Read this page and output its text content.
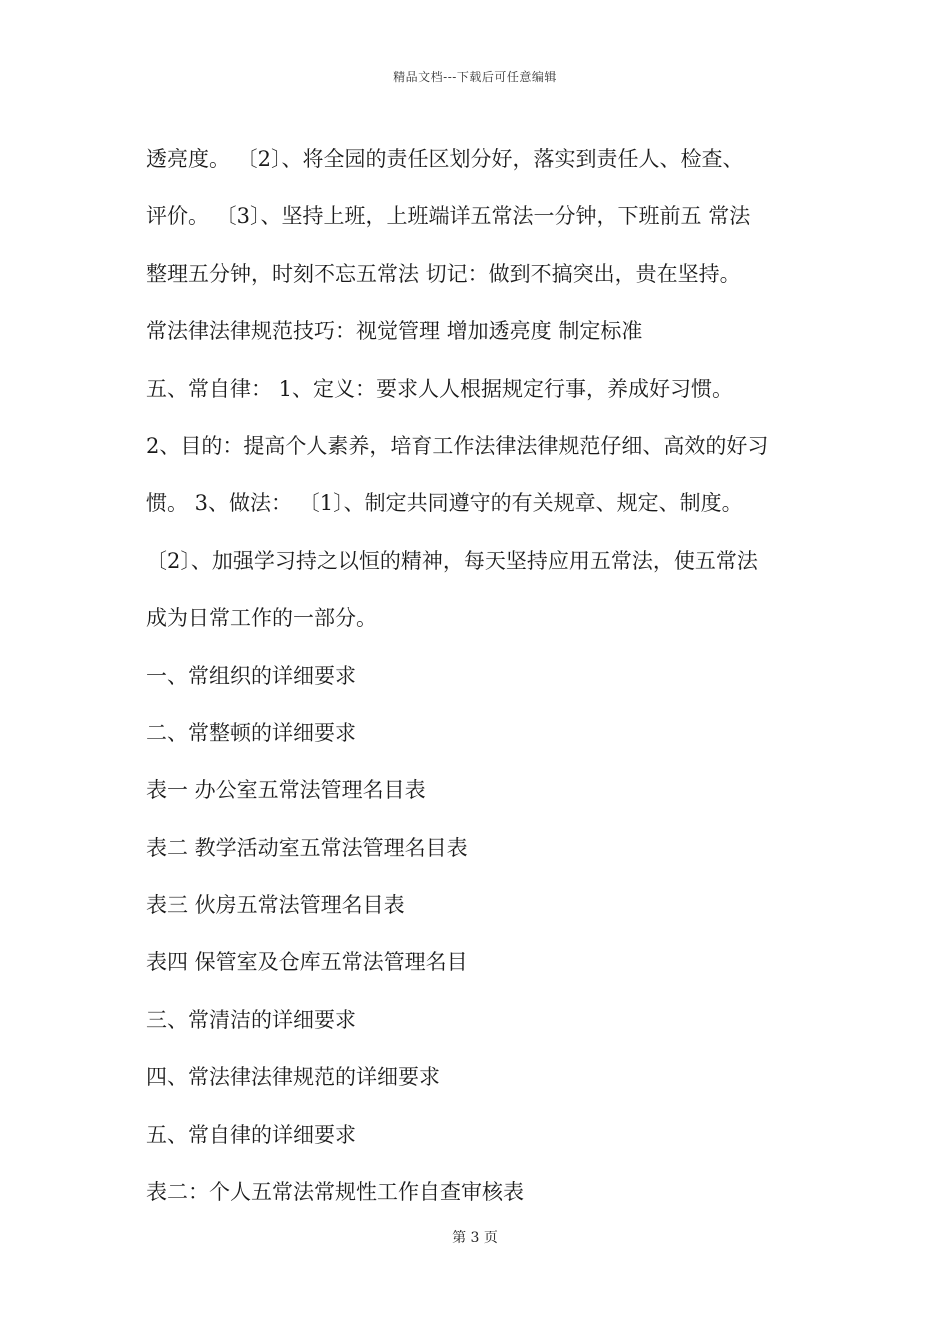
精品文档---下载后可任意编辑
透亮度。 〔2〕、将全园的责任区划分好，落实到责任人、检查、
评价。 〔3〕、坚持上班，上班端详五常法一分钟，下班前五 常法
整理五分钟，时刻不忘五常法 切记：做到不搞突出，贵在坚持。
常法律法律规范技巧：视觉管理 增加透亮度 制定标准
五、常自律： 1、定义：要求人人根据规定行事，养成好习惯。
2、目的：提高个人素养，培育工作法律法律规范仔细、高效的好习
惯。 3、做法： 〔1〕、制定共同遵守的有关规章、规定、制度。
〔2〕、加强学习持之以恒的精神，每天坚持应用五常法，使五常法
成为日常工作的一部分。
一、常组织的详细要求
二、常整顿的详细要求
表一 办公室五常法管理名目表
表二 教学活动室五常法管理名目表
表三 伙房五常法管理名目表
表四 保管室及仓库五常法管理名目
三、常清洁的详细要求
四、常法律法律规范的详细要求
五、常自律的详细要求
表二：个人五常法常规性工作自查审核表
第 3 页
